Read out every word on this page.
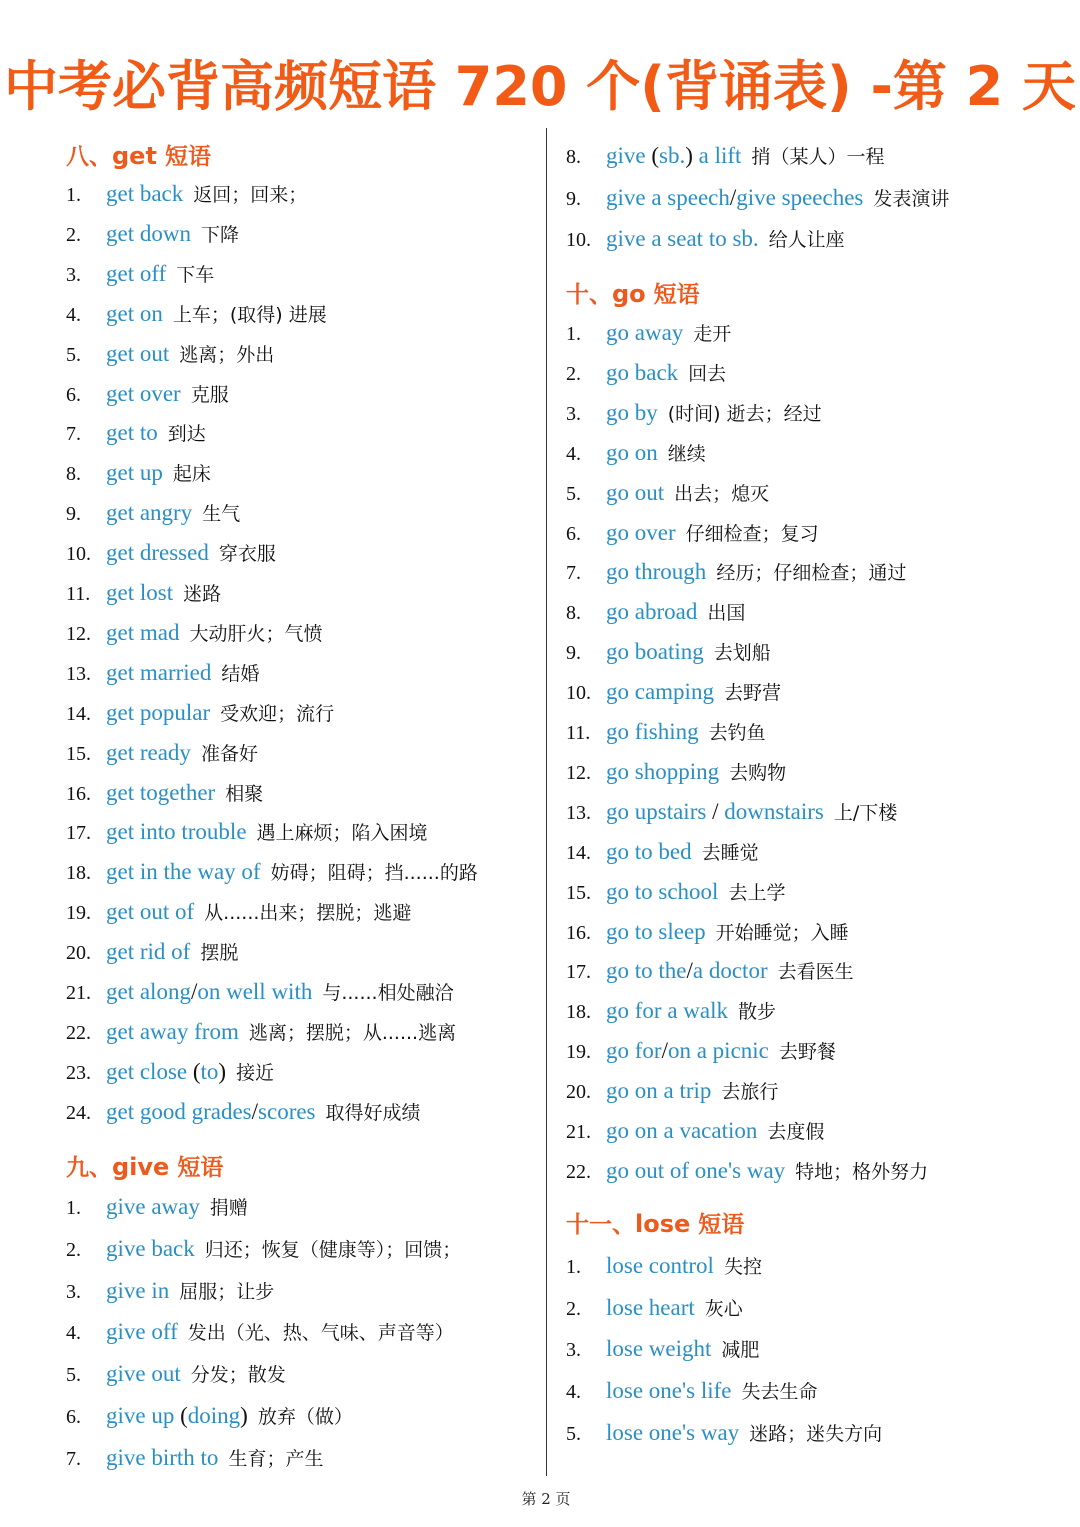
中考必背高频短语 720 个(背诵表) -第 2 天
八、get 短语
1. get back 返回；回来；
2. get down 下降
3. get off 下车
4. get on 上车；(取得) 进展
5. get out 逃离；外出
6. get over 克服
7. get to 到达
8. get up 起床
9. get angry 生气
10. get dressed 穿衣服
11. get lost 迷路
12. get mad 大动肝火；气愤
13. get married 结婚
14. get popular 受欢迎；流行
15. get ready 准备好
16. get together 相聚
17. get into trouble 遇上麻烦；陷入困境
18. get in the way of 妨碍；阻碍；挡......的路
19. get out of 从......出来；摆脱；逃避
20. get rid of 摆脱
21. get along/on well with 与......相处融洽
22. get away from 逃离；摆脱；从......逃离
23. get close (to) 接近
24. get good grades/scores 取得好成绩
九、give 短语
1. give away 捐赠
2. give back 归还；恢复（健康等）；回馈；
3. give in 屈服；让步
4. give off 发出（光、热、气味、声音等）
5. give out 分发；散发
6. give up (doing) 放弃（做）
7. give birth to 生育；产生
8. give (sb.) a lift 捎（某人）一程
9. give a speech/give speeches 发表演讲
10. give a seat to sb. 给人让座
十、go 短语
1. go away 走开
2. go back 回去
3. go by (时间) 逝去；经过
4. go on 继续
5. go out 出去；熄灭
6. go over 仔细检查；复习
7. go through 经历；仔细检查；通过
8. go abroad 出国
9. go boating 去划船
10. go camping 去野营
11. go fishing 去钓鱼
12. go shopping 去购物
13. go upstairs / downstairs 上/下楼
14. go to bed 去睡觉
15. go to school 去上学
16. go to sleep 开始睡觉；入睡
17. go to the/a doctor 去看医生
18. go for a walk 散步
19. go for/on a picnic 去野餐
20. go on a trip 去旅行
21. go on a vacation 去度假
22. go out of one's way 特地；格外努力
十一、lose 短语
1. lose control 失控
2. lose heart 灰心
3. lose weight 减肥
4. lose one's life 失去生命
5. lose one's way 迷路；迷失方向
第 2 页
